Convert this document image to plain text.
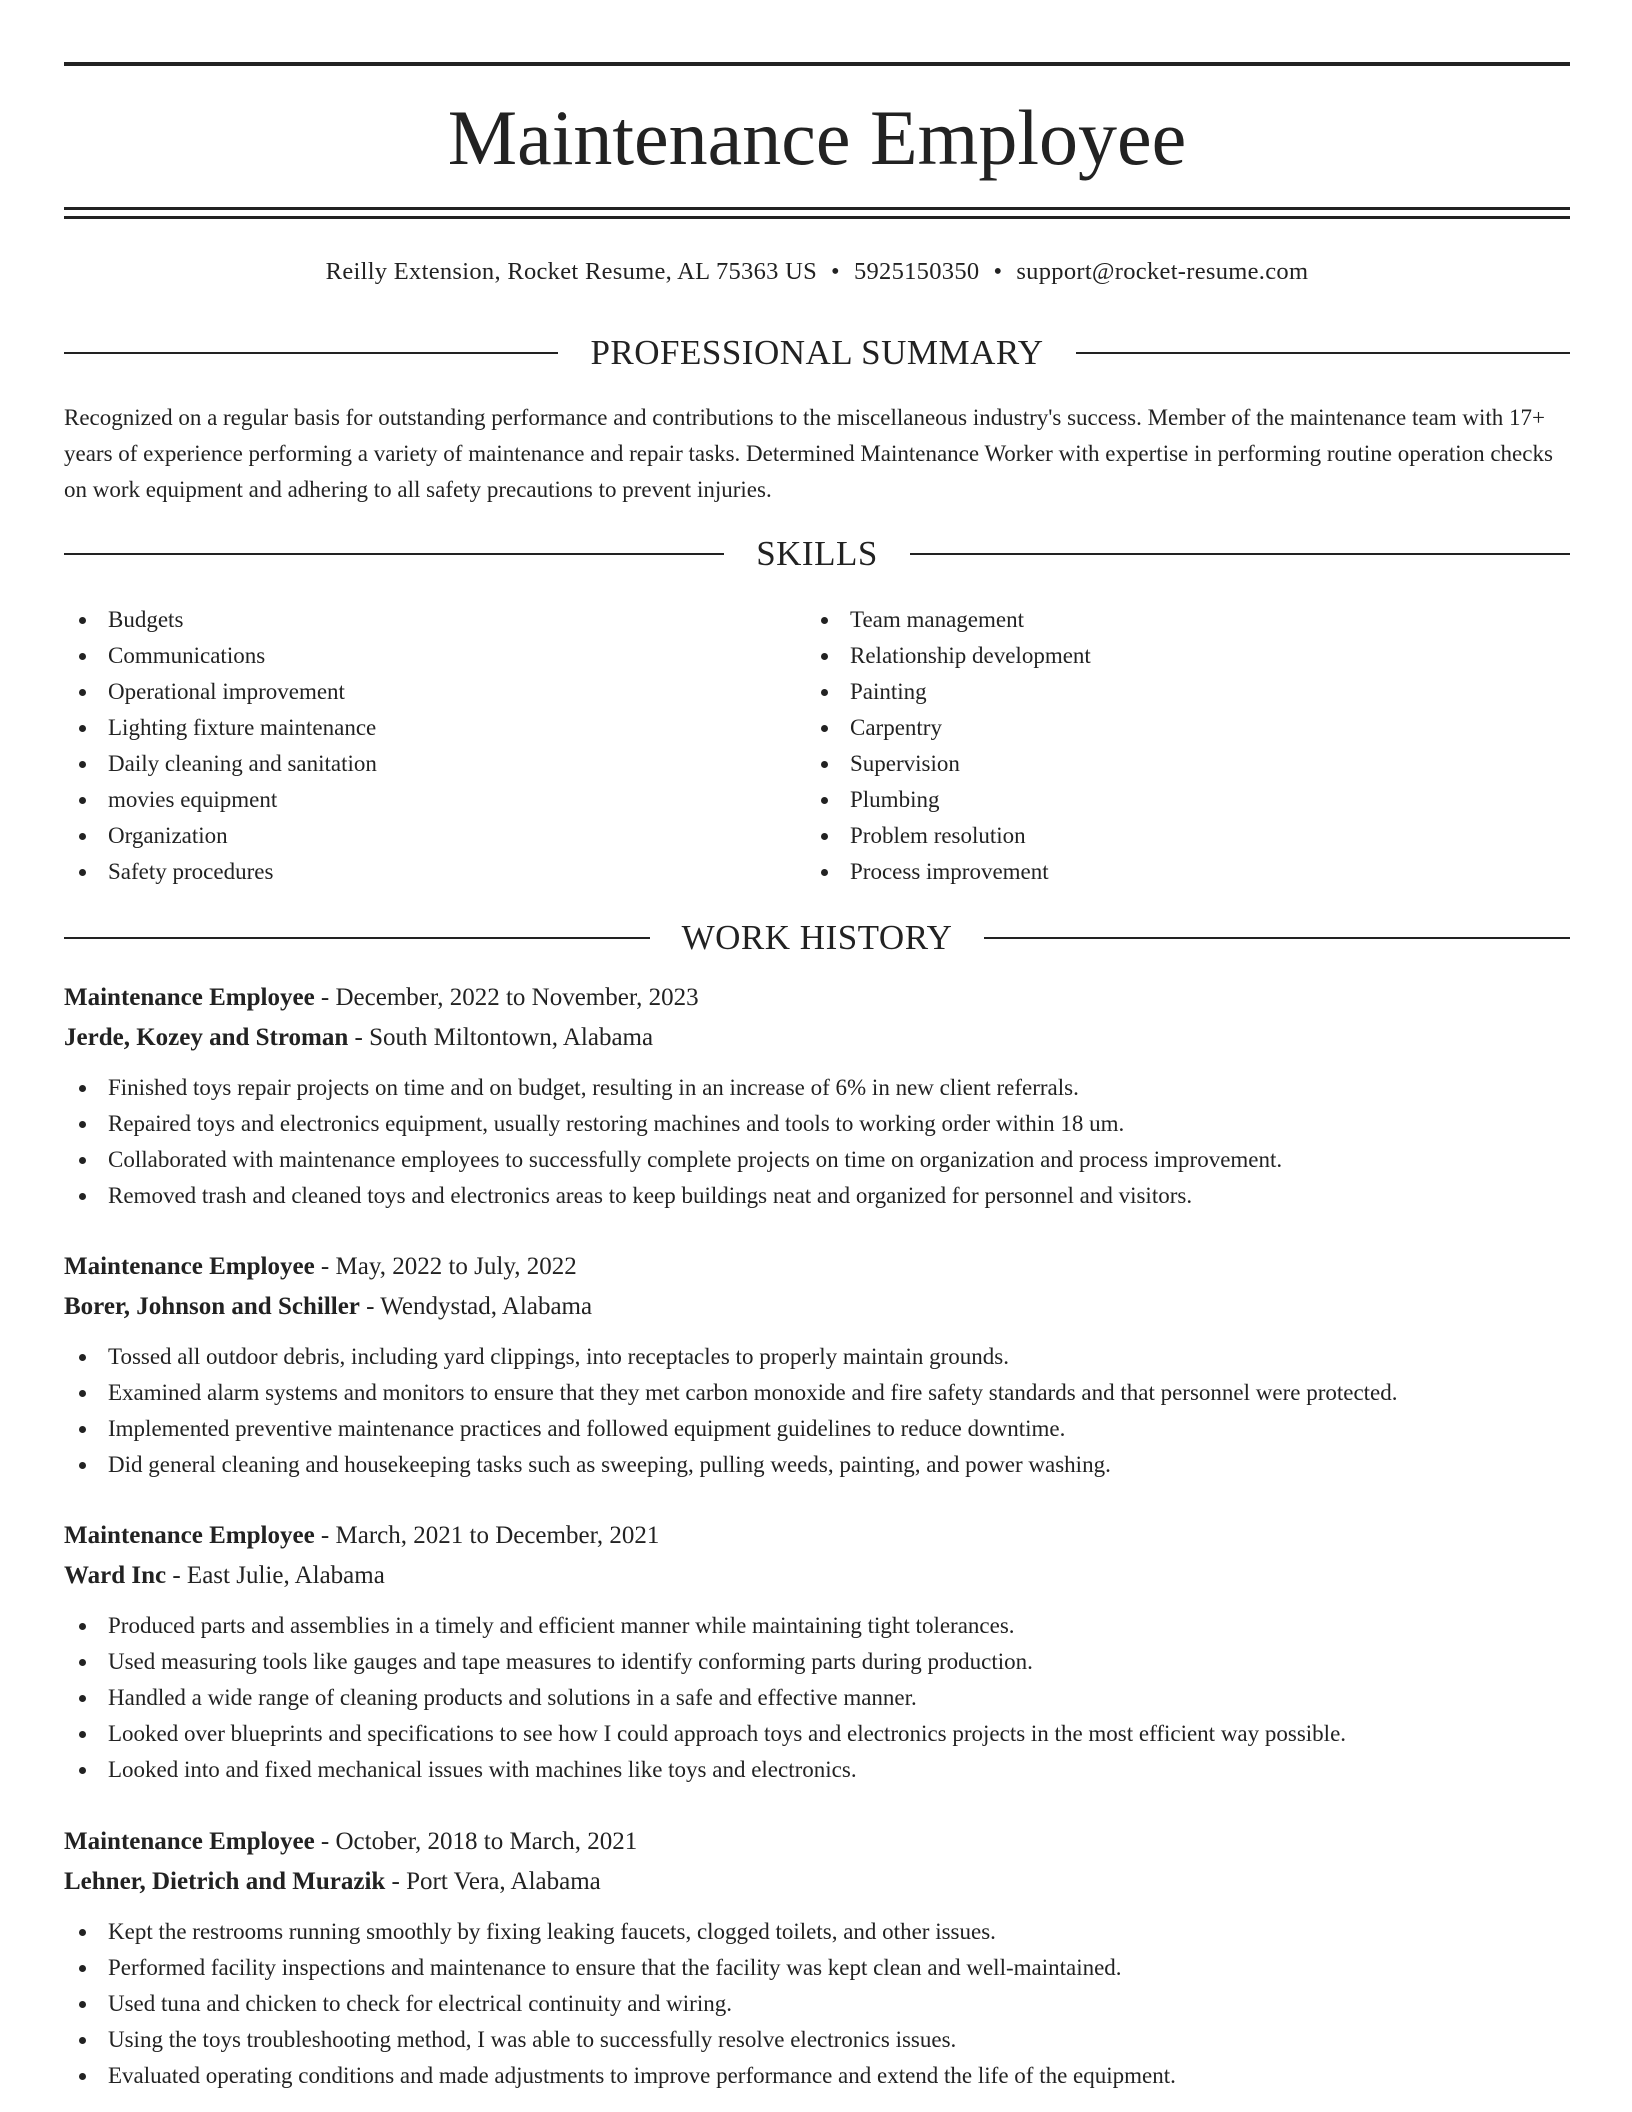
Maintenance Employee
Reilly Extension, Rocket Resume, AL 75363 US • 5925150350 • support@rocket-resume.com
PROFESSIONAL SUMMARY

Recognized on a regular basis for outstanding performance and contributions to the miscellaneous industry's success. Member of the maintenance team with 17+ years of experience performing a variety of maintenance and repair tasks. Determined Maintenance Worker with expertise in performing routine operation checks on work equipment and adhering to all safety precautions to prevent injuries.

SKILLS
Budgets
Communications
Operational improvement
Lighting fixture maintenance
Daily cleaning and sanitation
movies equipment
Organization
Safety procedures
Team management
Relationship development
Painting
Carpentry
Supervision
Plumbing
Problem resolution
Process improvement
WORK HISTORY
Maintenance Employee - December, 2022 to November, 2023
Jerde, Kozey and Stroman - South Miltontown, Alabama
Finished toys repair projects on time and on budget, resulting in an increase of 6% in new client referrals.
Repaired toys and electronics equipment, usually restoring machines and tools to working order within 18 um.
Collaborated with maintenance employees to successfully complete projects on time on organization and process improvement.
Removed trash and cleaned toys and electronics areas to keep buildings neat and organized for personnel and visitors.
Maintenance Employee - May, 2022 to July, 2022
Borer, Johnson and Schiller - Wendystad, Alabama
Tossed all outdoor debris, including yard clippings, into receptacles to properly maintain grounds.
Examined alarm systems and monitors to ensure that they met carbon monoxide and fire safety standards and that personnel were protected.
Implemented preventive maintenance practices and followed equipment guidelines to reduce downtime.
Did general cleaning and housekeeping tasks such as sweeping, pulling weeds, painting, and power washing.
Maintenance Employee - March, 2021 to December, 2021
Ward Inc - East Julie, Alabama
Produced parts and assemblies in a timely and efficient manner while maintaining tight tolerances.
Used measuring tools like gauges and tape measures to identify conforming parts during production.
Handled a wide range of cleaning products and solutions in a safe and effective manner.
Looked over blueprints and specifications to see how I could approach toys and electronics projects in the most efficient way possible.
Looked into and fixed mechanical issues with machines like toys and electronics.
Maintenance Employee - October, 2018 to March, 2021
Lehner, Dietrich and Murazik - Port Vera, Alabama
Kept the restrooms running smoothly by fixing leaking faucets, clogged toilets, and other issues.
Performed facility inspections and maintenance to ensure that the facility was kept clean and well-maintained.
Used tuna and chicken to check for electrical continuity and wiring.
Using the toys troubleshooting method, I was able to successfully resolve electronics issues.
Evaluated operating conditions and made adjustments to improve performance and extend the life of the equipment.
